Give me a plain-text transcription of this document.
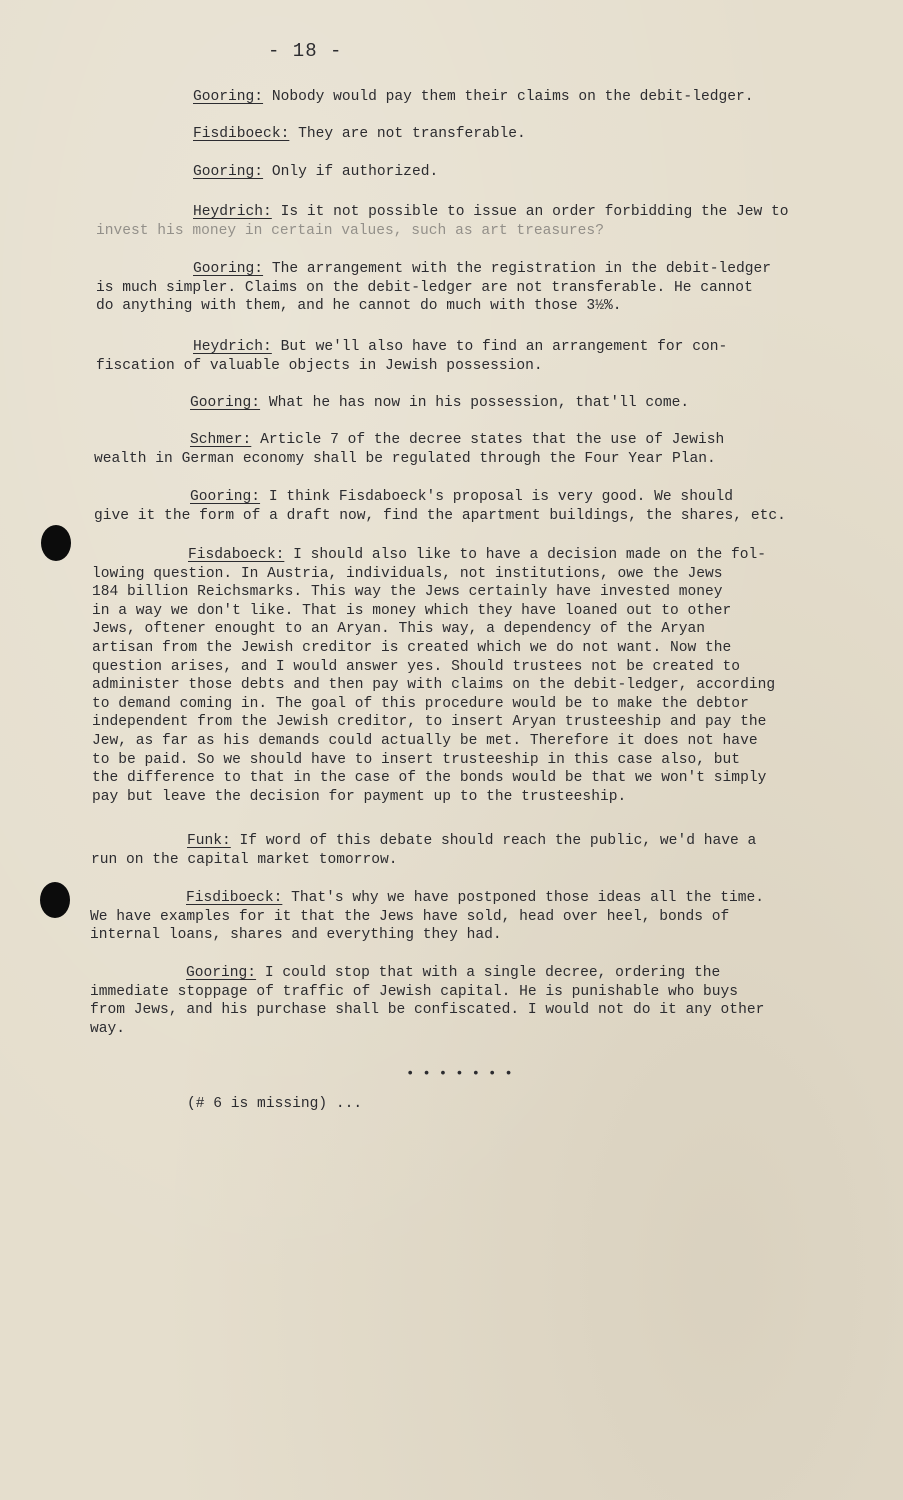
- 18 -
Gooring: Nobody would pay them their claims on the debit-ledger.
Fisdiboeck: They are not transferable.
Gooring: Only if authorized.
Heydrich: Is it not possible to issue an order forbidding the Jew to
invest his money in certain values, such as art treasures?
Gooring: The arrangement with the registration in the debit-ledger
is much simpler. Claims on the debit-ledger are not transferable. He cannot
do anything with them, and he cannot do much with those 3½%.
Heydrich: But we'll also have to find an arrangement for con-
fiscation of valuable objects in Jewish possession.
Gooring: What he has now in his possession, that'll come.
Schmer: Article 7 of the decree states that the use of Jewish
wealth in German economy shall be regulated through the Four Year Plan.
Gooring: I think Fisdaboeck's proposal is very good. We should
give it the form of a draft now, find the apartment buildings, the shares, etc.
Fisdaboeck: I should also like to have a decision made on the fol-
lowing question. In Austria, individuals, not institutions, owe the Jews
184 billion Reichsmarks. This way the Jews certainly have invested money
in a way we don't like. That is money which they have loaned out to other
Jews, oftener enought to an Aryan. This way, a dependency of the Aryan
artisan from the Jewish creditor is created which we do not want. Now the
question arises, and I would answer yes. Should trustees not be created to
administer those debts and then pay with claims on the debit-ledger, according
to demand coming in. The goal of this procedure would be to make the debtor
independent from the Jewish creditor, to insert Aryan trusteeship and pay the
Jew, as far as his demands could actually be met. Therefore it does not have
to be paid. So we should have to insert trusteeship in this case also, but
the difference to that in the case of the bonds would be that we won't simply
pay but leave the decision for payment up to the trusteeship.
Funk: If word of this debate should reach the public, we'd have a
run on the capital market tomorrow.
Fisdiboeck: That's why we have postponed those ideas all the time.
We have examples for it that the Jews have sold, head over heel, bonds of
internal loans, shares and everything they had.
Gooring: I could stop that with a single decree, ordering the
immediate stoppage of traffic of Jewish capital. He is punishable who buys
from Jews, and his purchase shall be confiscated. I would not do it any other
way.
•••••••
(# 6 is missing) ...
